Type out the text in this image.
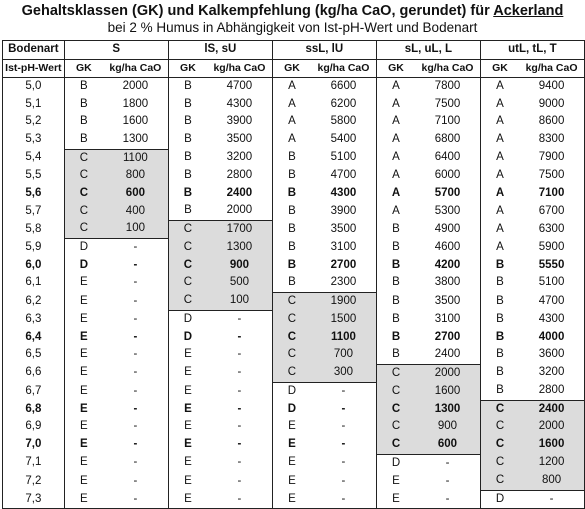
Gehaltsklassen (GK) und Kalkempfehlung (kg/ha CaO, gerundet) für Ackerland
bei 2 % Humus in Abhängigkeit von Ist-pH-Wert und Bodenart
Bodenart	S		lS, sU		ssL, lU		sL, uL, L		utL, tL, T	
Ist-pH-Wert	GK	kg/ha CaO	GK	kg/ha CaO	GK	kg/ha CaO	GK	kg/ha CaO	GK	kg/ha CaO
5,0	B	2000	B	4700	A	6600	A	7800	A	9400
5,1	B	1800	B	4300	A	6200	A	7500	A	9000
5,2	B	1600	B	3900	A	5800	A	7100	A	8600
5,3	B	1300	B	3500	A	5400	A	6800	A	8300
5,4	C	1100	B	3200	B	5100	A	6400	A	7900
5,5	C	800	B	2800	B	4700	A	6000	A	7500
5,6	C	600	B	2400	B	4300	A	5700	A	7100
5,7	C	400	B	2000	B	3900	A	5300	A	6700
5,8	C	100	C	1700	B	3500	B	4900	A	6300
5,9	D	-	C	1300	B	3100	B	4600	A	5900
6,0	D	-	C	900	B	2700	B	4200	B	5550
6,1	E	-	C	500	B	2300	B	3800	B	5100
6,2	E	-	C	100	C	1900	B	3500	B	4700
6,3	E	-	D	-	C	1500	B	3100	B	4300
6,4	E	-	D	-	C	1100	B	2700	B	4000
6,5	E	-	E	-	C	700	B	2400	B	3600
6,6	E	-	E	-	C	300	C	2000	B	3200
6,7	E	-	E	-	D	-	C	1600	B	2800
6,8	E	-	E	-	D	-	C	1300	C	2400
6,9	E	-	E	-	E	-	C	900	C	2000
7,0	E	-	E	-	E	-	C	600	C	1600
7,1	E	-	E	-	E	-	D	-	C	1200
7,2	E	-	E	-	E	-	E	-	C	800
7,3	E	-	E	-	E	-	E	-	D	-
